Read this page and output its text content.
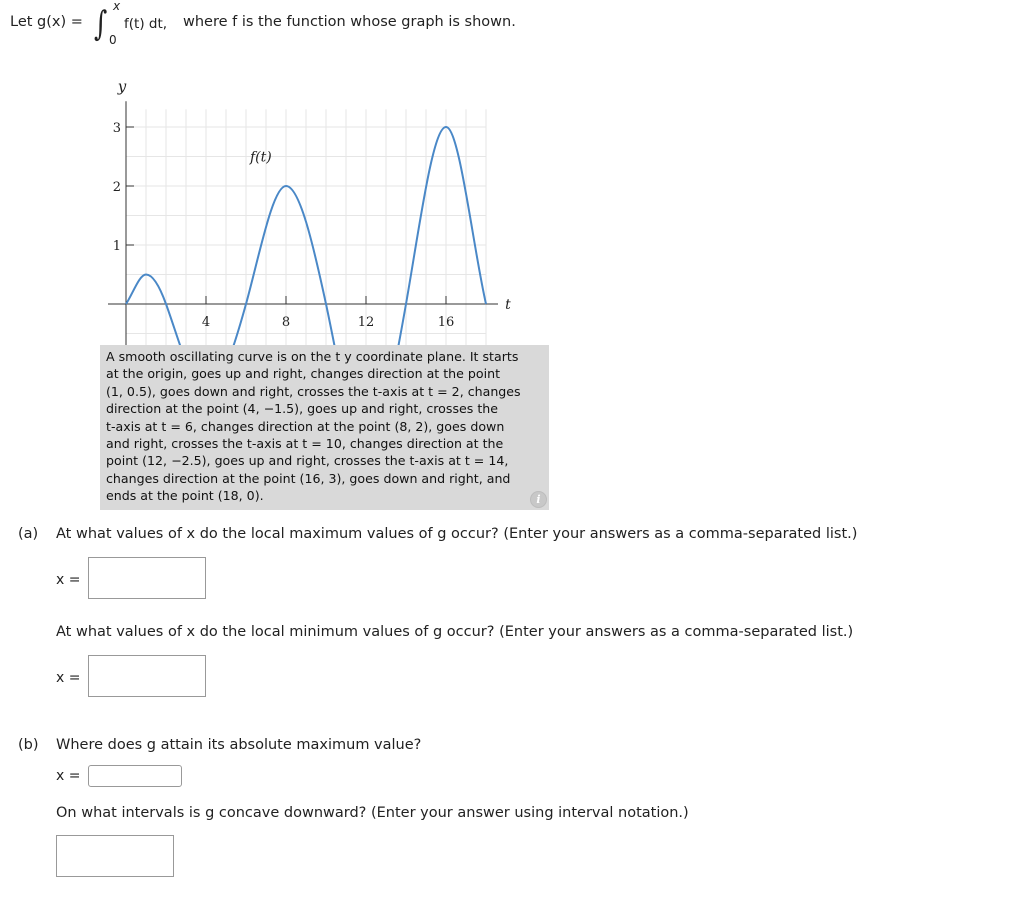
Let g(x) = ∫ x
0
f(t) dt, where f is the function whose graph is shown.
4	8	12	16
1
2
3
y
t
f(t)
A smooth oscillating curve is on the t y coordinate plane. It starts
at the origin, goes up and right, changes direction at the point
(1, 0.5), goes down and right, crosses the t-axis at t = 2, changes
direction at the point (4, −1.5), goes up and right, crosses the
t-axis at t = 6, changes direction at the point (8, 2), goes down
and right, crosses the t-axis at t = 10, changes direction at the
point (12, −2.5), goes up and right, crosses the t-axis at t = 14,
changes direction at the point (16, 3), goes down and right, and
ends at the point (18, 0).	i
(a) At what values of x do the local maximum values of g occur? (Enter your answers as a comma-separated list.)
x =
At what values of x do the local minimum values of g occur? (Enter your answers as a comma-separated list.)
x =
(b) Where does g attain its absolute maximum value?
x =
On what intervals is g concave downward? (Enter your answer using interval notation.)
